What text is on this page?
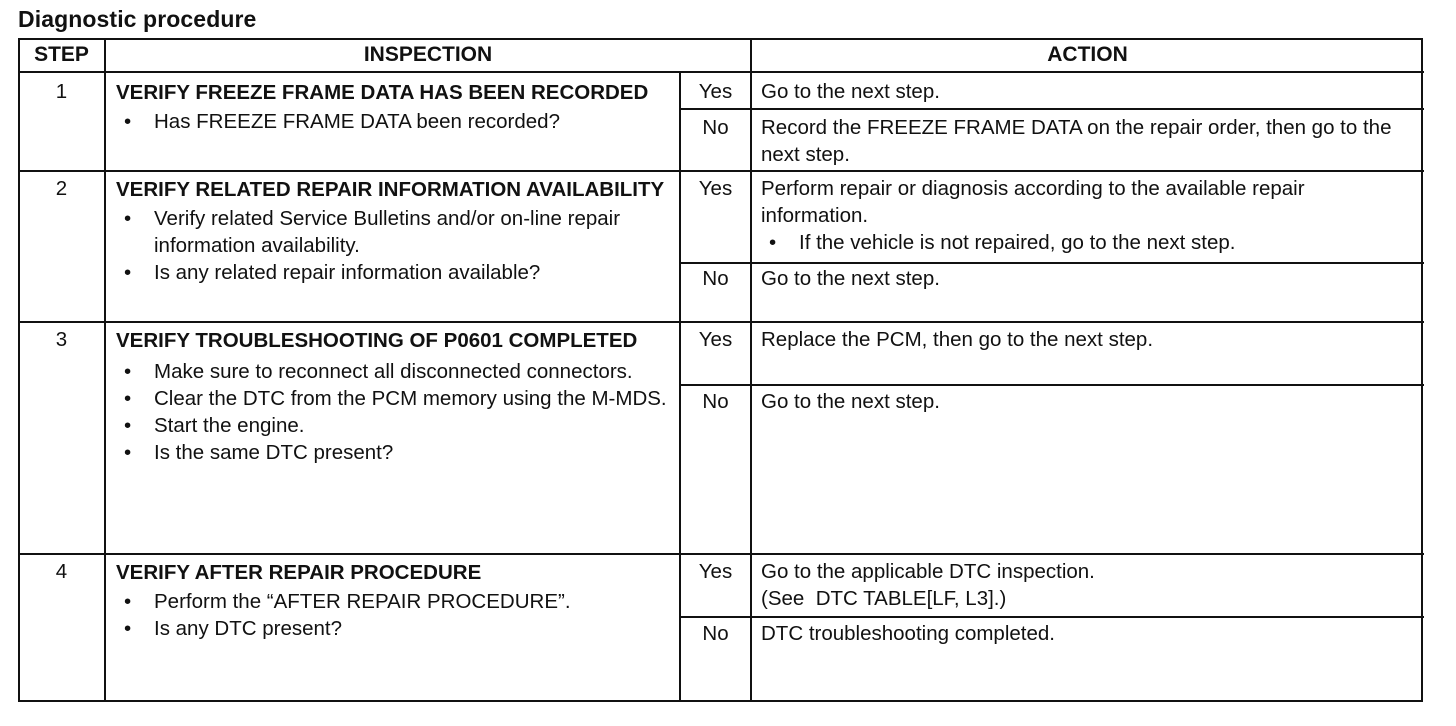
Diagnostic procedure
STEP	INSPECTION	ACTION
1	VERIFY FREEZE FRAME DATA HAS BEEN RECORDED
• Has FREEZE FRAME DATA been recorded?
Yes	Go to the next step.
No	Record the FREEZE FRAME DATA on the repair order, then go to the next step.
2	VERIFY RELATED REPAIR INFORMATION AVAILABILITY
• Verify related Service Bulletins and/or on-line repair information availability.
• Is any related repair information available?
Yes	Perform repair or diagnosis according to the available repair information.
• If the vehicle is not repaired, go to the next step.
No	Go to the next step.
3	VERIFY TROUBLESHOOTING OF P0601 COMPLETED
• Make sure to reconnect all disconnected connectors.
• Clear the DTC from the PCM memory using the M-MDS.
• Start the engine.
• Is the same DTC present?
Yes	Replace the PCM, then go to the next step.
No	Go to the next step.
4	VERIFY AFTER REPAIR PROCEDURE
• Perform the “AFTER REPAIR PROCEDURE”.
• Is any DTC present?
Yes	Go to the applicable DTC inspection.
(See  DTC TABLE[LF, L3].)
No	DTC troubleshooting completed.
